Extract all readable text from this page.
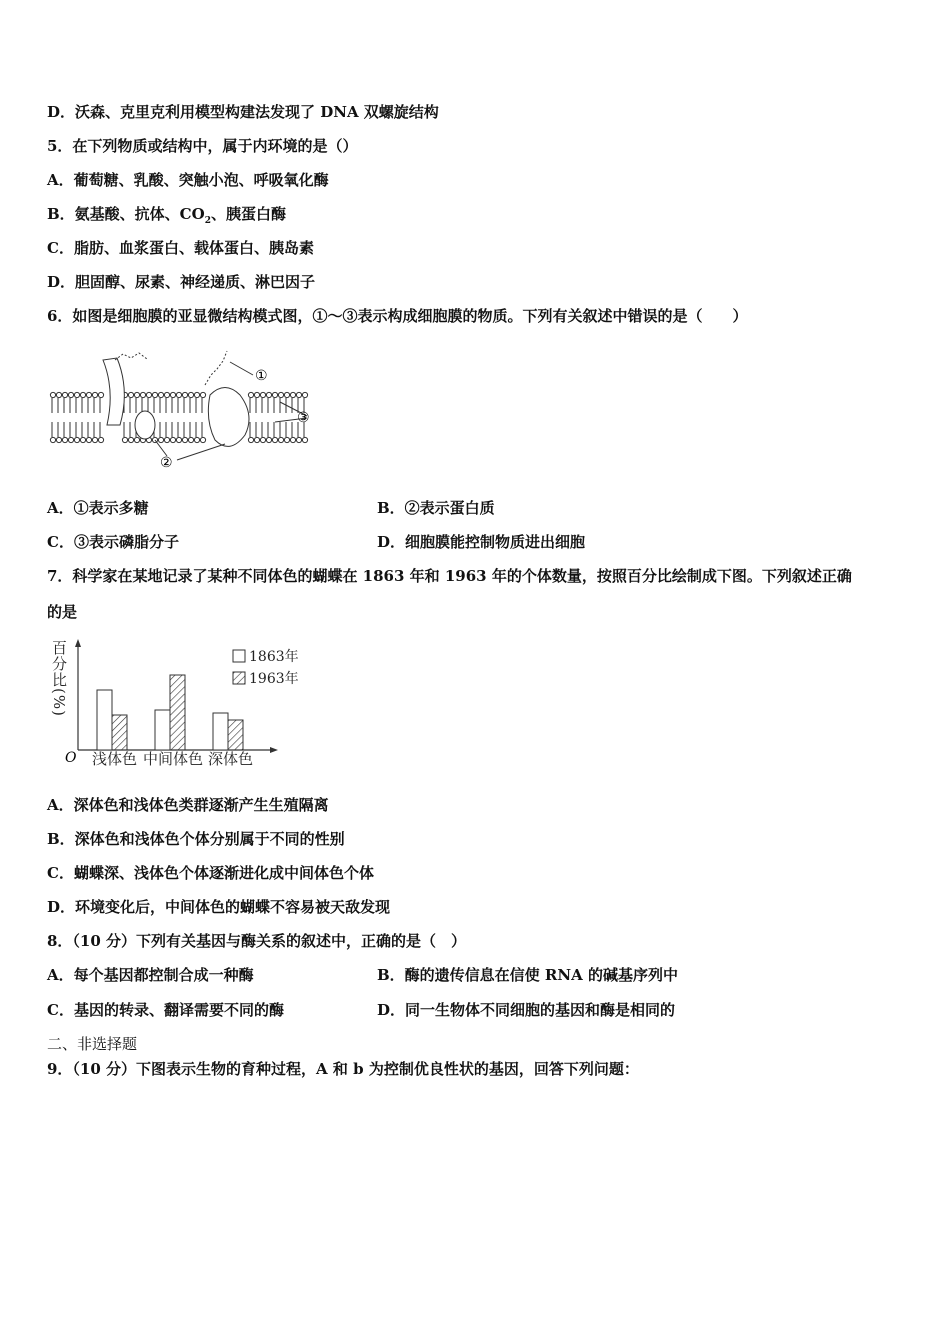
D．沃森、克里克利用模型构建法发现了 DNA 双螺旋结构
5．在下列物质或结构中，属于内环境的是（）
A．葡萄糖、乳酸、突触小泡、呼吸氧化酶
B．氨基酸、抗体、$CO_2$、胰蛋白酶
C．脂肪、血浆蛋白、载体蛋白、胰岛素
D．胆固醇、尿素、神经递质、淋巴因子
6．如图是细胞膜的亚显微结构模式图，①～③表示构成细胞膜的物质。下列有关叙述中错误的是（　　）
①
③
②
A．①表示多糖	B．②表示蛋白质
C．③表示磷脂分子	D．细胞膜能控制物质进出细胞
7．科学家在某地记录了某种不同体色的蝴蝶在 1863 年和 1963 年的个体数量，按照百分比绘制成下图。下列叙述正确
的是
O 浅体色 中间体色 深体色
1863年
1963年
百分比(%)
A．深体色和浅体色类群逐渐产生生殖隔离
B．深体色和浅体色个体分别属于不同的性别
C．蝴蝶深、浅体色个体逐渐进化成中间体色个体
D．环境变化后，中间体色的蝴蝶不容易被天敌发现
8．（10 分）下列有关基因与酶关系的叙述中，正确的是（　）
A．每个基因都控制合成一种酶	B．酶的遗传信息在信使 RNA 的碱基序列中
C．基因的转录、翻译需要不同的酶	D．同一生物体不同细胞的基因和酶是相同的
二、非选择题
9．（10 分）下图表示生物的育种过程，A 和 b 为控制优良性状的基因，回答下列问题：
